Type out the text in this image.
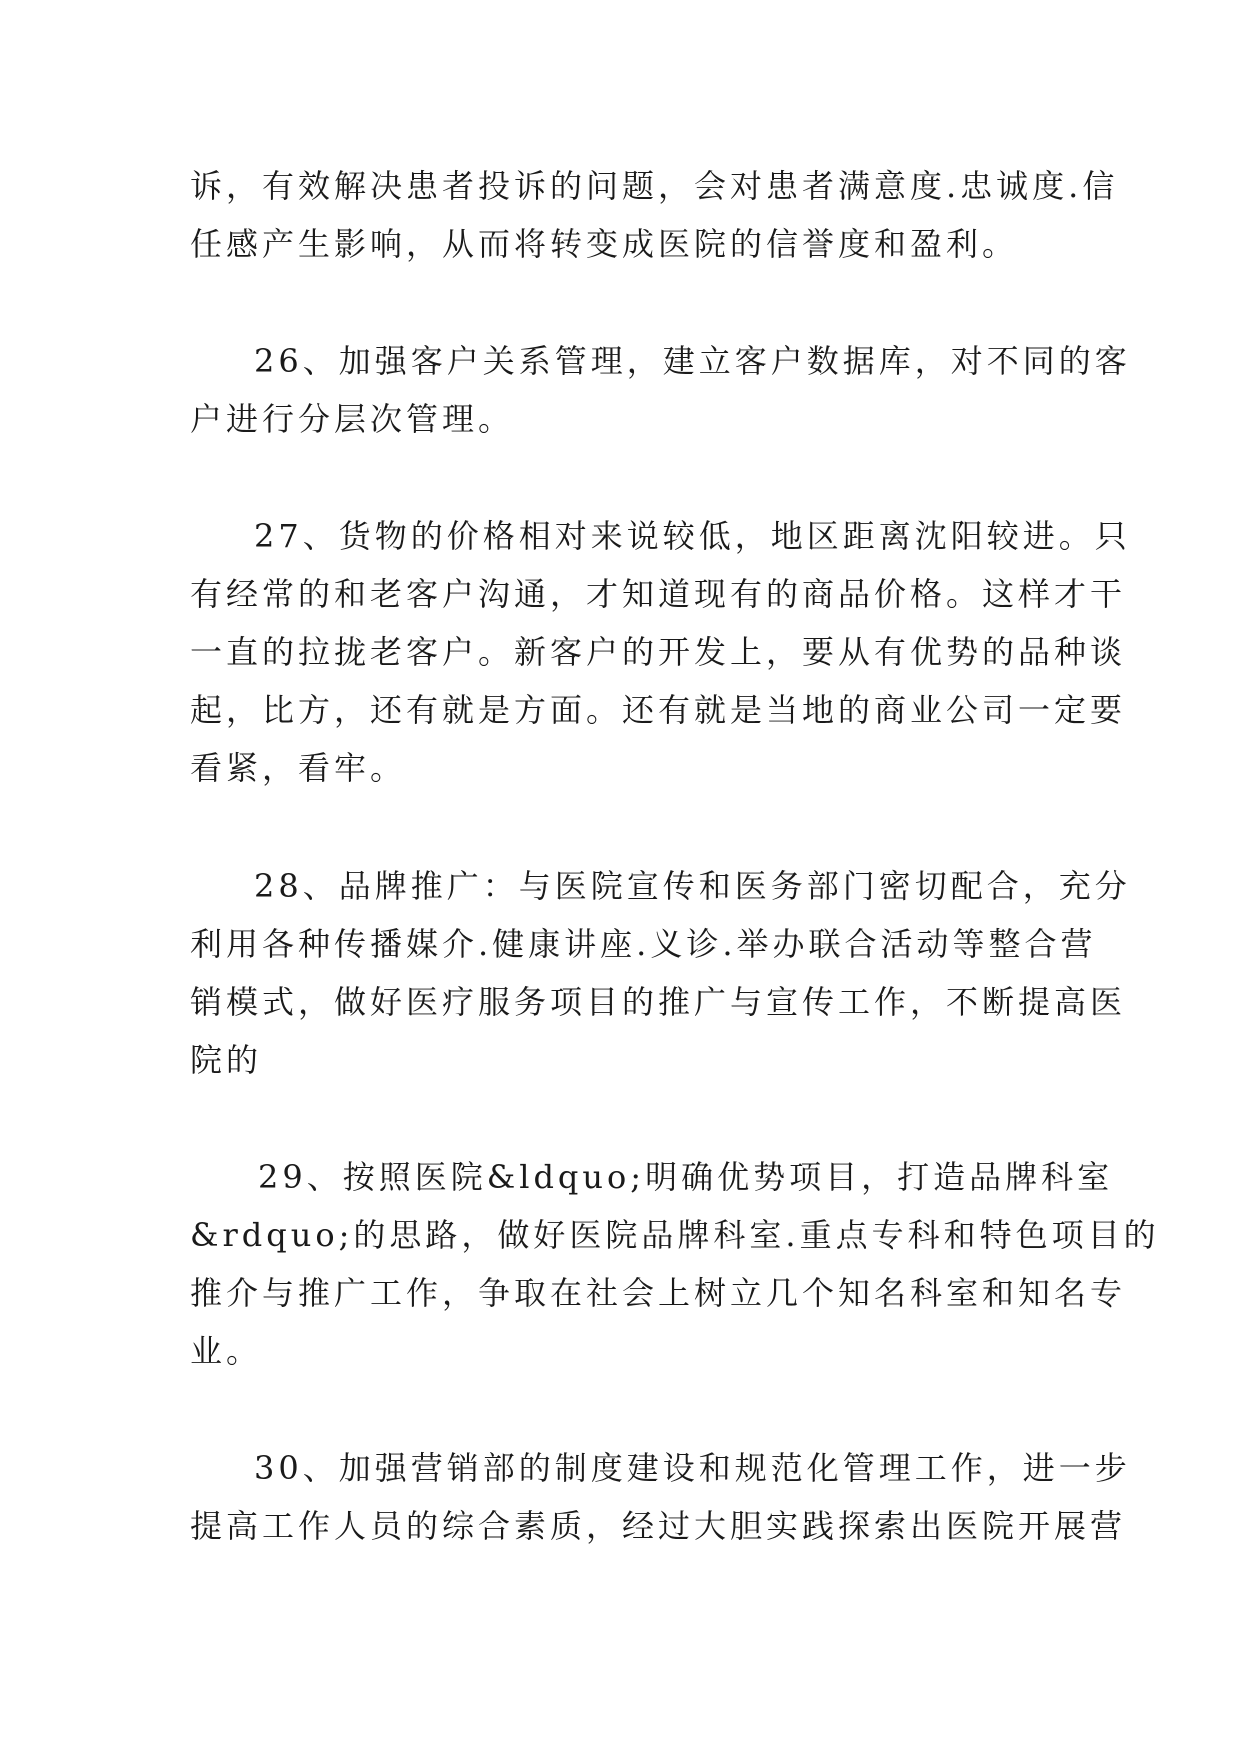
诉，有效解决患者投诉的问题，会对患者满意度.忠诚度.信
任感产生影响，从而将转变成医院的信誉度和盈利。
26、加强客户关系管理，建立客户数据库，对不同的客
户进行分层次管理。
27、货物的价格相对来说较低，地区距离沈阳较进。只
有经常的和老客户沟通，才知道现有的商品价格。这样才干
一直的拉拢老客户。新客户的开发上，要从有优势的品种谈
起，比方，还有就是方面。还有就是当地的商业公司一定要
看紧，看牢。
28、品牌推广：与医院宣传和医务部门密切配合，充分
利用各种传播媒介.健康讲座.义诊.举办联合活动等整合营
销模式，做好医疗服务项目的推广与宣传工作，不断提高医
院的
29、按照医院&ldquo;明确优势项目，打造品牌科室
&rdquo;的思路，做好医院品牌科室.重点专科和特色项目的
推介与推广工作，争取在社会上树立几个知名科室和知名专
业。
30、加强营销部的制度建设和规范化管理工作，进一步
提高工作人员的综合素质，经过大胆实践探索出医院开展营
